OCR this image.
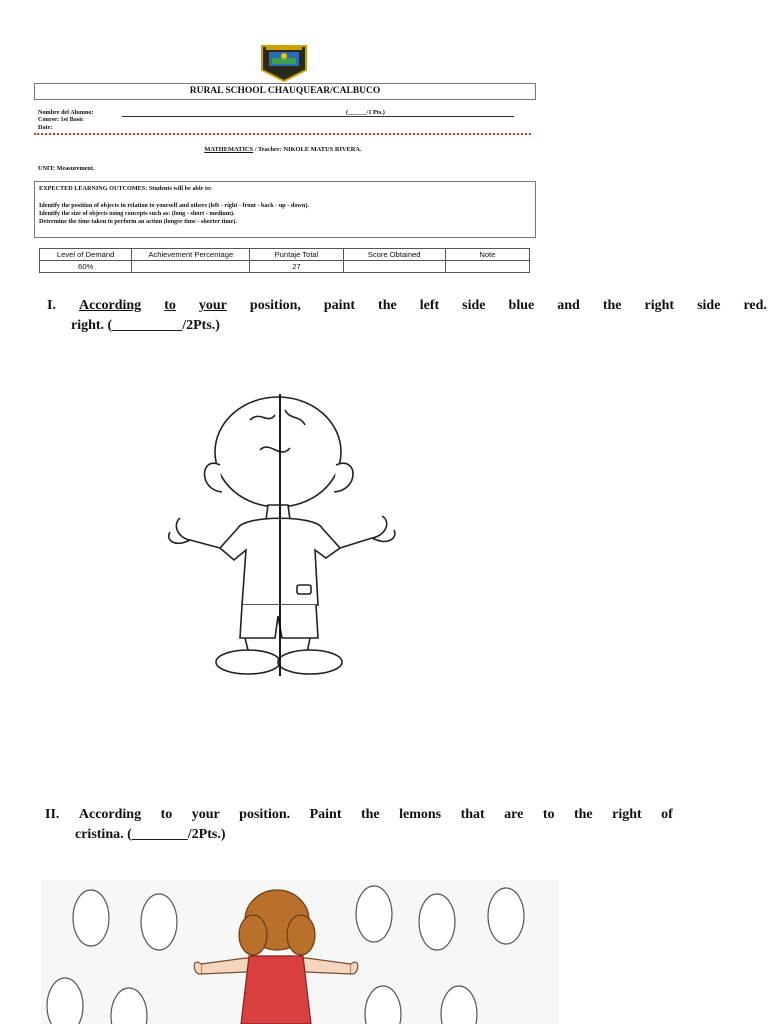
RURAL SCHOOL CHAUQUEAR/CALBUCO
Nombre del Alumno:	(______/1 Pts.)
Course: 1st Basic
Date:
MATHEMATICS / Teacher: NIKOLE MATUS RIVERA.
UNIT: Measurement.
EXPECTED LEARNING OUTCOMES: Students will be able to:
Identify the position of objects in relation to yourself and others (left - right - front - back - up - down).
Identify the size of objects using concepts such as: (long - short - medium).
Determine the time taken to perform an action (longer time - shorter time).
Level of Demand	Achievement Percentage	Puntaje Total	Score Obtained	Note
60%		27		
I. According to your position, paint the left side blue and the right side red.
right. (__________/2Pts.)
II. According to your position. Paint the lemons that are to the right of
cristina. (________/2Pts.)
